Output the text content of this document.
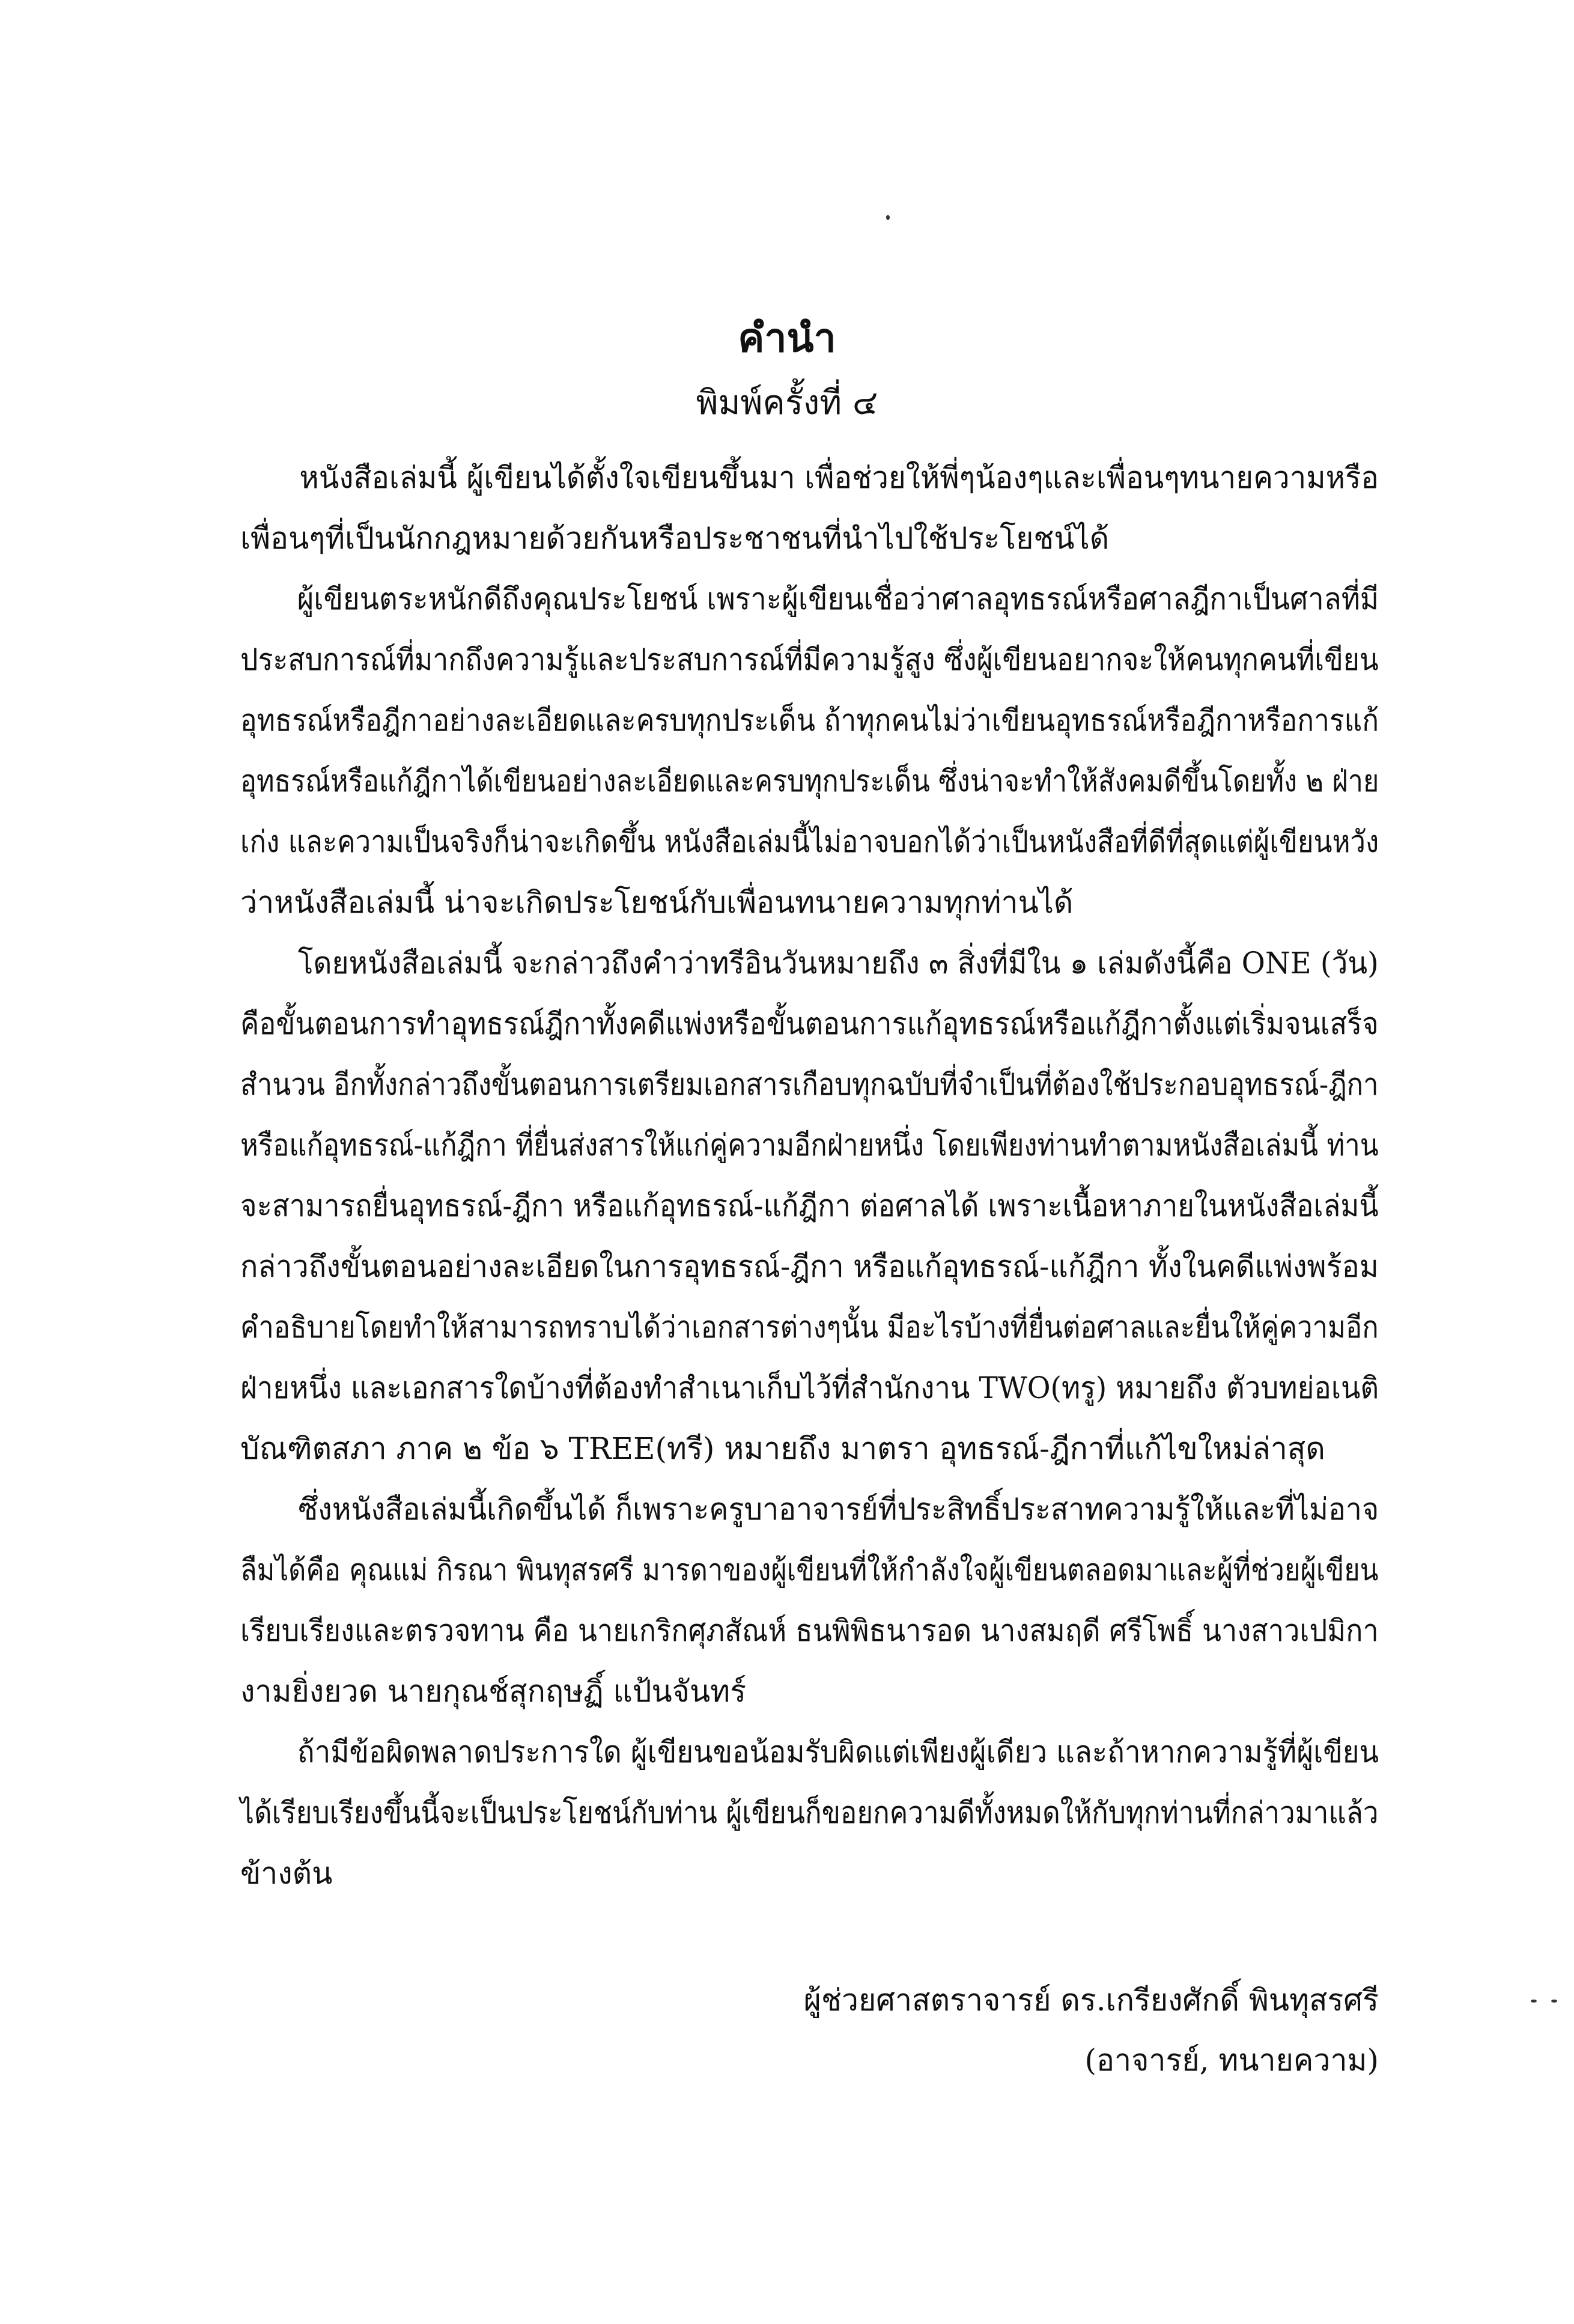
คำนำ
พิมพ์ครั้งที่ ๔
หนังสือเล่มนี้ ผู้เขียนได้ตั้งใจเขียนขึ้นมา เพื่อช่วยให้พี่ๆน้องๆและเพื่อนๆทนายความหรือ
เพื่อนๆที่เป็นนักกฎหมายด้วยกันหรือประชาชนที่นำไปใช้ประโยชน์ได้
ผู้เขียนตระหนักดีถึงคุณประโยชน์ เพราะผู้เขียนเชื่อว่าศาลอุทธรณ์หรือศาลฎีกาเป็นศาลที่มี
ประสบการณ์ที่มากถึงความรู้และประสบการณ์ที่มีความรู้สูง ซึ่งผู้เขียนอยากจะให้คนทุกคนที่เขียน
อุทธรณ์หรือฎีกาอย่างละเอียดและครบทุกประเด็น ถ้าทุกคนไม่ว่าเขียนอุทธรณ์หรือฎีกาหรือการแก้
อุทธรณ์หรือแก้ฎีกาได้เขียนอย่างละเอียดและครบทุกประเด็น ซึ่งน่าจะทำให้สังคมดีขึ้นโดยทั้ง ๒ ฝ่าย
เก่ง และความเป็นจริงก็น่าจะเกิดขึ้น หนังสือเล่มนี้ไม่อาจบอกได้ว่าเป็นหนังสือที่ดีที่สุดแต่ผู้เขียนหวัง
ว่าหนังสือเล่มนี้ น่าจะเกิดประโยชน์กับเพื่อนทนายความทุกท่านได้
โดยหนังสือเล่มนี้ จะกล่าวถึงคำว่าทรีอินวันหมายถึง ๓ สิ่งที่มีใน ๑ เล่มดังนี้คือ ONE (วัน)
คือขั้นตอนการทำอุทธรณ์ฎีกาทั้งคดีแพ่งหรือขั้นตอนการแก้อุทธรณ์หรือแก้ฎีกาตั้งแต่เริ่มจนเสร็จ
สำนวน อีกทั้งกล่าวถึงขั้นตอนการเตรียมเอกสารเกือบทุกฉบับที่จำเป็นที่ต้องใช้ประกอบอุทธรณ์-ฎีกา
หรือแก้อุทธรณ์-แก้ฎีกา ที่ยื่นส่งสารให้แก่คู่ความอีกฝ่ายหนึ่ง โดยเพียงท่านทำตามหนังสือเล่มนี้ ท่าน
จะสามารถยื่นอุทธรณ์-ฎีกา หรือแก้อุทธรณ์-แก้ฎีกา ต่อศาลได้ เพราะเนื้อหาภายในหนังสือเล่มนี้
กล่าวถึงขั้นตอนอย่างละเอียดในการอุทธรณ์-ฎีกา หรือแก้อุทธรณ์-แก้ฎีกา ทั้งในคดีแพ่งพร้อม
คำอธิบายโดยทำให้สามารถทราบได้ว่าเอกสารต่างๆนั้น มีอะไรบ้างที่ยื่นต่อศาลและยื่นให้คู่ความอีก
ฝ่ายหนึ่ง และเอกสารใดบ้างที่ต้องทำสำเนาเก็บไว้ที่สำนักงาน TWO(ทรู) หมายถึง ตัวบทย่อเนติ
บัณฑิตสภา ภาค ๒ ข้อ ๖ TREE(ทรี) หมายถึง มาตรา อุทธรณ์-ฎีกาที่แก้ไขใหม่ล่าสุด
ซึ่งหนังสือเล่มนี้เกิดขึ้นได้ ก็เพราะครูบาอาจารย์ที่ประสิทธิ์ประสาทความรู้ให้และที่ไม่อาจ
ลืมได้คือ คุณแม่ กิรณา พินทุสรศรี มารดาของผู้เขียนที่ให้กำลังใจผู้เขียนตลอดมาและผู้ที่ช่วยผู้เขียน
เรียบเรียงและตรวจทาน คือ นายเกริกศุภสัณห์ ธนพิพิธนารอด นางสมฤดี ศรีโพธิ์ นางสาวเปมิกา
งามยิ่งยวด นายกุณช์สุกฤษฏิ์ แป้นจันทร์
ถ้ามีข้อผิดพลาดประการใด ผู้เขียนขอน้อมรับผิดแต่เพียงผู้เดียว และถ้าหากความรู้ที่ผู้เขียน
ได้เรียบเรียงขึ้นนี้จะเป็นประโยชน์กับท่าน ผู้เขียนก็ขอยกความดีทั้งหมดให้กับทุกท่านที่กล่าวมาแล้ว
ข้างต้น
ผู้ช่วยศาสตราจารย์ ดร.เกรียงศักดิ์ พินทุสรศรี
(อาจารย์, ทนายความ)
